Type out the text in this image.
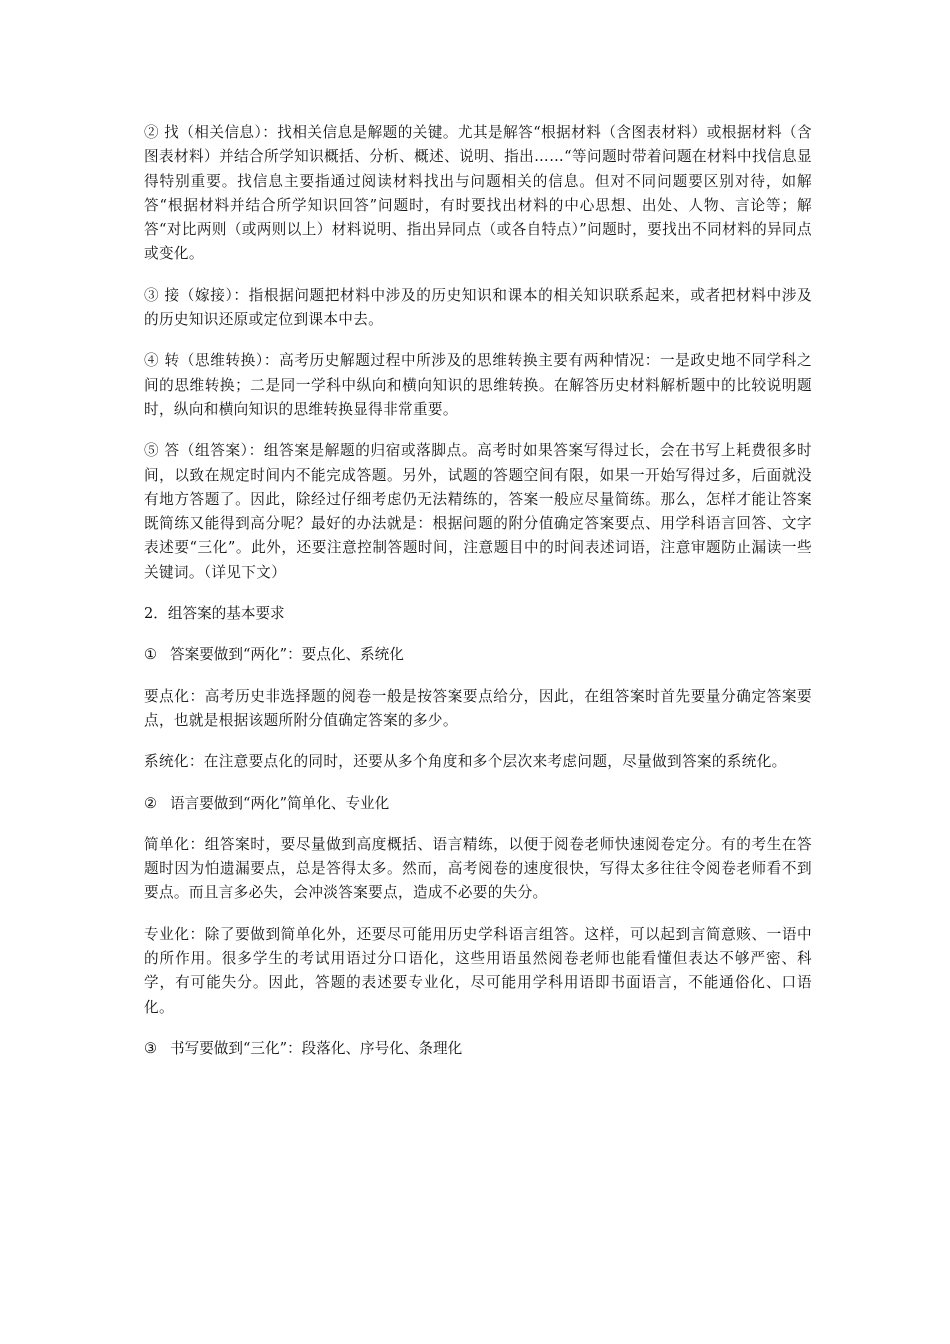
② 找（相关信息）：找相关信息是解题的关键。尤其是解答“根据材料（含图表材料）或根据材料（含图表材料）并结合所学知识概括、分析、概述、说明、指出……“等问题时带着问题在材料中找信息显得特别重要。找信息主要指通过阅读材料找出与问题相关的信息。但对不同问题要区别对待，如解答“根据材料并结合所学知识回答”问题时，有时要找出材料的中心思想、出处、人物、言论等；解答“对比两则（或两则以上）材料说明、指出异同点（或各自特点）”问题时，要找出不同材料的异同点或变化。

③ 接（嫁接）：指根据问题把材料中涉及的历史知识和课本的相关知识联系起来，或者把材料中涉及的历史知识还原或定位到课本中去。

④ 转（思维转换）：高考历史解题过程中所涉及的思维转换主要有两种情况：一是政史地不同学科之间的思维转换；二是同一学科中纵向和横向知识的思维转换。在解答历史材料解析题中的比较说明题时，纵向和横向知识的思维转换显得非常重要。

⑤ 答（组答案）：组答案是解题的归宿或落脚点。高考时如果答案写得过长，会在书写上耗费很多时间，以致在规定时间内不能完成答题。另外，试题的答题空间有限，如果一开始写得过多，后面就没有地方答题了。因此，除经过仔细考虑仍无法精练的，答案一般应尽量简练。那么，怎样才能让答案既简练又能得到高分呢？最好的办法就是：根据问题的附分值确定答案要点、用学科语言回答、文字表述要“三化”。此外，还要注意控制答题时间，注意题目中的时间表述词语，注意审题防止漏读一些关键词。（详见下文）

2．组答案的基本要求

① 答案要做到“两化”：要点化、系统化

要点化：高考历史非选择题的阅卷一般是按答案要点给分，因此，在组答案时首先要量分确定答案要点，也就是根据该题所附分值确定答案的多少。

系统化：在注意要点化的同时，还要从多个角度和多个层次来考虑问题，尽量做到答案的系统化。

② 语言要做到“两化”简单化、专业化

简单化：组答案时，要尽量做到高度概括、语言精练，以便于阅卷老师快速阅卷定分。有的考生在答题时因为怕遗漏要点，总是答得太多。然而，高考阅卷的速度很快，写得太多往往令阅卷老师看不到要点。而且言多必失，会冲淡答案要点，造成不必要的失分。

专业化：除了要做到简单化外，还要尽可能用历史学科语言组答。这样，可以起到言简意赅、一语中的所作用。很多学生的考试用语过分口语化，这些用语虽然阅卷老师也能看懂但表达不够严密、科学，有可能失分。因此，答题的表述要专业化，尽可能用学科用语即书面语言，不能通俗化、口语化。

③ 书写要做到“三化”：段落化、序号化、条理化
